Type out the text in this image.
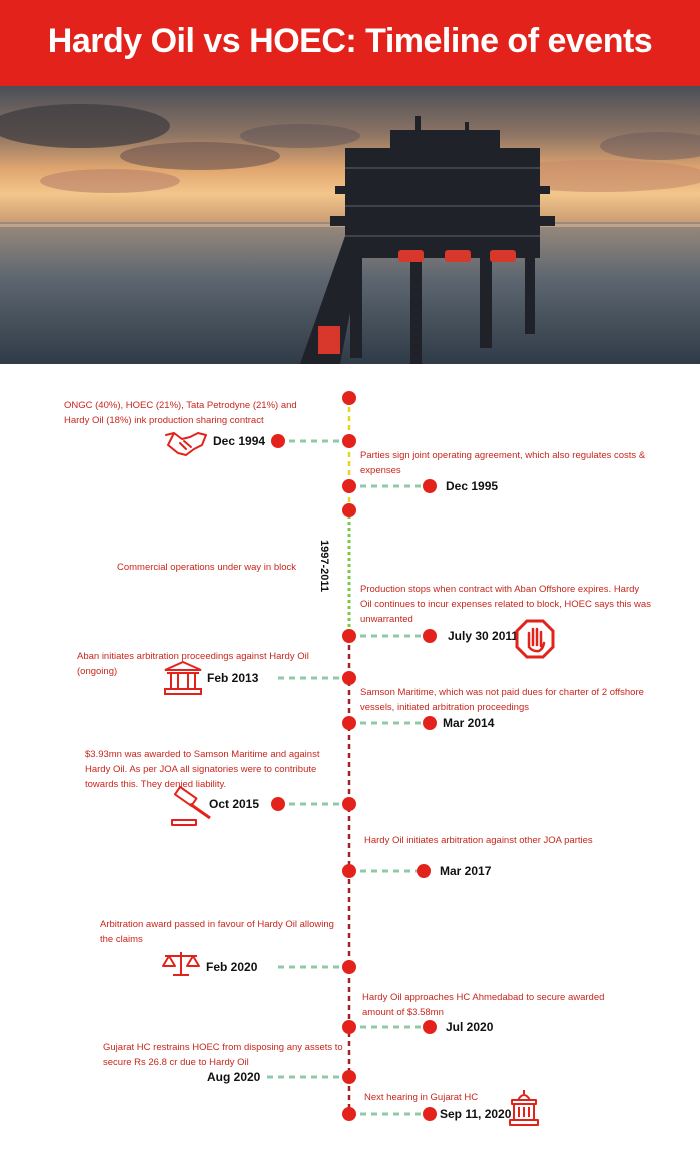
Hardy Oil vs HOEC: Timeline of events
1997-2011
ONGC (40%), HOEC (21%), Tata Petrodyne (21%) and Hardy Oil (18%) ink production sharing contract
Dec 1994
Parties sign joint operating agreement, which also regulates costs & expenses
Dec 1995
Commercial operations under way in block
Production stops when contract with Aban Offshore expires. Hardy Oil continues to incur expenses related to block, HOEC says this was unwarranted
July 30 2011
Aban initiates arbitration proceedings against Hardy Oil (ongoing)	Feb 2013
Samson Maritime, which was not paid dues for charter of 2 offshore vessels, initiated arbitration proceedings
Mar 2014
$3.93mn was awarded to Samson Maritime and against Hardy Oil. As per JOA all signatories were to contribute towards this. They denied liability.
Oct 2015
Hardy Oil initiates arbitration against other JOA parties
Mar 2017
Arbitration award passed in favour of Hardy Oil allowing the claims
Feb 2020
Hardy Oil approaches HC Ahmedabad to secure awarded amount of $3.58mn
Jul 2020
Gujarat HC restrains HOEC from disposing any assets to secure Rs 26.8 cr due to Hardy Oil
Aug 2020
Next hearing in Gujarat HC
Sep 11, 2020
